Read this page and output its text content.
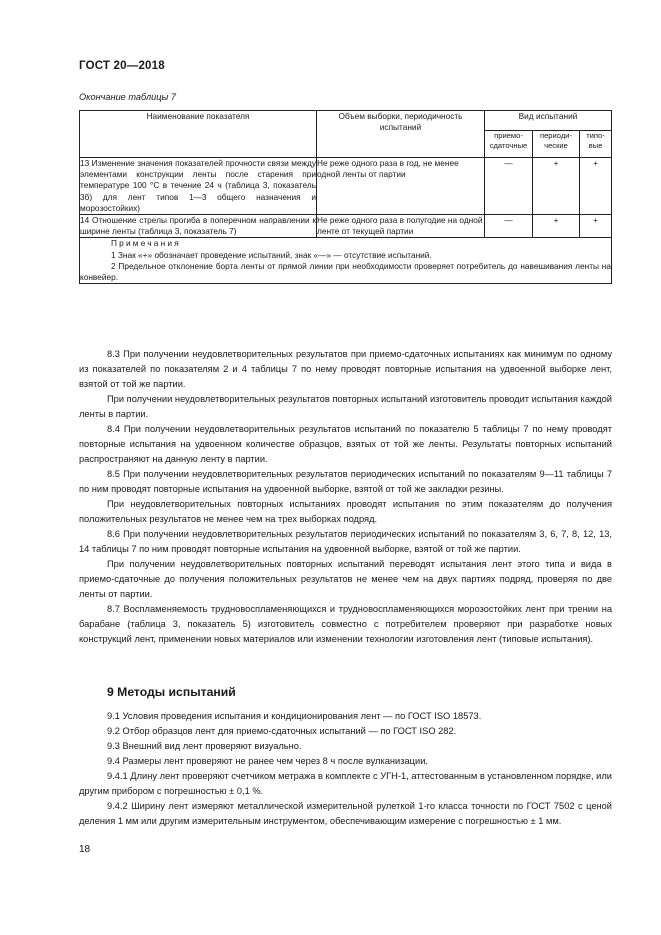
ГОСТ 20—2018
Окончание таблицы 7
Наименование показателя	Объем выборки, периодичность испытаний	Вид испытаний		
		приемо-сдаточные	периоди-ческие	типо-вые
13 Изменение значения показателей прочности связи между элементами конструкции ленты после старения при температуре 100 °С в течение 24 ч (таблица 3, показатель 3б) для лент типов 1—3 общего назначения и морозостойких)	Не реже одного раза в год, не менее одной ленты от партии	—	+	+
14 Отношение стрелы прогиба в поперечном направлении к ширине ленты (таблица 3, показатель 7)	Не реже одного раза в полугодие на одной ленте от текущей партии	—	+	+

Примечания
1 Знак «+» обозначает проведение испытаний, знак «—» — отсутствие испытаний.
2 Предельное отклонение борта ленты от прямой линии при необходимости проверяет потребитель до навешивания ленты на конвейер.				

8.3 При получении неудовлетворительных результатов при приемо-сдаточных испытаниях как минимум по одному из показателей по показателям 2 и 4 таблицы 7 по нему проводят повторные испытания на удвоенной выборке лент, взятой от той же партии.

При получении неудовлетворительных результатов повторных испытаний изготовитель проводит испытания каждой ленты в партии.

8.4 При получении неудовлетворительных результатов испытаний по показателю 5 таблицы 7 по нему проводят повторные испытания на удвоенном количестве образцов, взятых от той же ленты. Результаты повторных испытаний распространяют на данную ленту в партии.

8.5 При получении неудовлетворительных результатов периодических испытаний по показателям 9—11 таблицы 7 по ним проводят повторные испытания на удвоенной выборке, взятой от той же закладки резины.

При неудовлетворительных повторных испытаниях проводят испытания по этим показателям до получения положительных результатов не менее чем на трех выборках подряд.

8.6 При получении неудовлетворительных результатов периодических испытаний по показателям 3, 6, 7, 8, 12, 13, 14 таблицы 7 по ним проводят повторные испытания на удвоенной выборке, взятой от той же партии.

При получении неудовлетворительных повторных испытаний переводят испытания лент этого типа и вида в приемо-сдаточные до получения положительных результатов не менее чем на двух партиях подряд, проверяя по две ленты от партии.

8.7 Воспламеняемость трудновоспламеняющихся и трудновоспламеняющихся морозостойких лент при трении на барабане (таблица 3, показатель 5) изготовитель совместно с потребителем проверяют при разработке новых конструкций лент, применении новых материалов или изменении технологии изготовления лент (типовые испытания).

9 Методы испытаний

9.1 Условия проведения испытания и кондиционирования лент — по ГОСТ ISO 18573.

9.2 Отбор образцов лент для приемо-сдаточных испытаний — по ГОСТ ISO 282.

9.3 Внешний вид лент проверяют визуально.

9.4 Размеры лент проверяют не ранее чем через 8 ч после вулканизации.

9.4.1 Длину лент проверяют счетчиком метража в комплекте с УГН-1, аттестованным в установленном порядке, или другим прибором с погрешностью ± 0,1 %.

9.4.2 Ширину лент измеряют металлической измерительной рулеткой 1-го класса точности по ГОСТ 7502 с ценой деления 1 мм или другим измерительным инструментом, обеспечивающим измерение с погрешностью ± 1 мм.

18
